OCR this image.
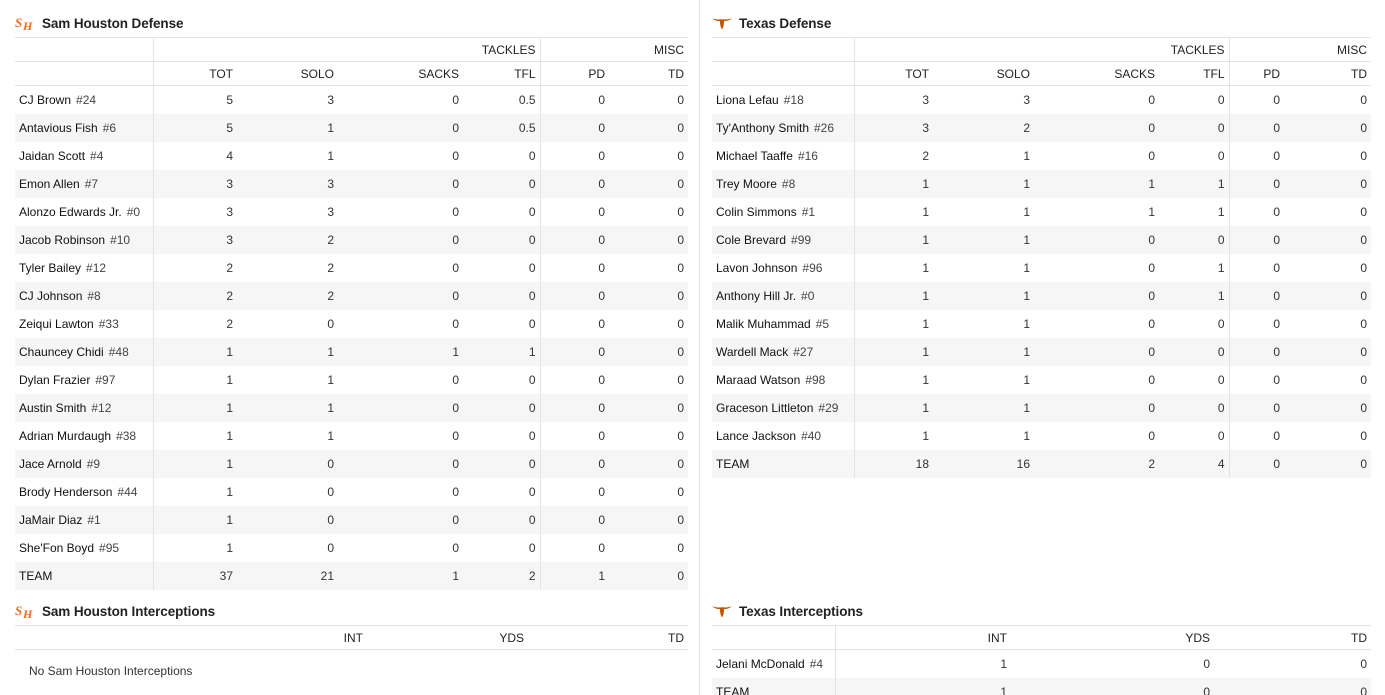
S H Sam Houston Defense
	TACKLES				MISC	
	TOT	SOLO	SACKS	TFL	PD	TD
CJ Brown #24	5	3	0	0.5	0	0
Antavious Fish #6	5	1	0	0.5	0	0
Jaidan Scott #4	4	1	0	0	0	0
Emon Allen #7	3	3	0	0	0	0
Alonzo Edwards Jr. #0	3	3	0	0	0	0
Jacob Robinson #10	3	2	0	0	0	0
Tyler Bailey #12	2	2	0	0	0	0
CJ Johnson #8	2	2	0	0	0	0
Zeiqui Lawton #33	2	0	0	0	0	0
Chauncey Chidi #48	1	1	1	1	0	0
Dylan Frazier #97	1	1	0	0	0	0
Austin Smith #12	1	1	0	0	0	0
Adrian Murdaugh #38	1	1	0	0	0	0
Jace Arnold #9	1	0	0	0	0	0
Brody Henderson #44	1	0	0	0	0	0
JaMair Diaz #1	1	0	0	0	0	0
She'Fon Boyd #95	1	0	0	0	0	0
TEAM	37	21	1	2	1	0
Texas Defense
	TACKLES				MISC	
	TOT	SOLO	SACKS	TFL	PD	TD
Liona Lefau #18	3	3	0	0	0	0
Ty'Anthony Smith #26	3	2	0	0	0	0
Michael Taaffe #16	2	1	0	0	0	0
Trey Moore #8	1	1	1	1	0	0
Colin Simmons #1	1	1	1	1	0	0
Cole Brevard #99	1	1	0	0	0	0
Lavon Johnson #96	1	1	0	1	0	0
Anthony Hill Jr. #0	1	1	0	1	0	0
Malik Muhammad #5	1	1	0	0	0	0
Wardell Mack #27	1	1	0	0	0	0
Maraad Watson #98	1	1	0	0	0	0
Graceson Littleton #29	1	1	0	0	0	0
Lance Jackson #40	1	1	0	0	0	0
TEAM	18	16	2	4	0	0
S H Sam Houston Interceptions
	INT	YDS	TD
No Sam Houston Interceptions
Texas Interceptions
	INT	YDS	TD
Jelani McDonald #4	1	0	0
TEAM	1	0	0
